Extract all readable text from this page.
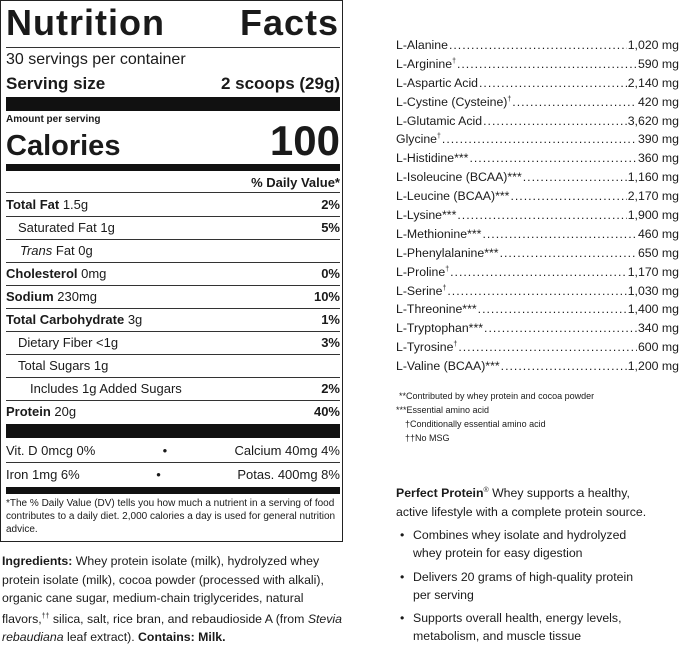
Nutrition Facts
30 servings per container
Serving size	2 scoops (29g)
Amount per serving
Calories	100
% Daily Value*
Total Fat 1.5g	2%
Saturated Fat 1g	5%
Trans Fat 0g
Cholesterol 0mg	0%
Sodium 230mg	10%
Total Carbohydrate 3g	1%
Dietary Fiber <1g	3%
Total Sugars 1g
Includes 1g Added Sugars	2%
Protein 20g	40%
Vit. D 0mcg 0%	•	Calcium 40mg 4%
Iron 1mg 6%	•	Potas. 400mg 8%
*The % Daily Value (DV) tells you how much a nutrient in a serving of food contributes to a daily diet. 2,000 calories a day is used for general nutrition advice.
Ingredients: Whey protein isolate (milk), hydrolyzed whey protein isolate (milk), cocoa powder (processed with alkali), organic cane sugar, medium-chain triglycerides, natural flavors,†† silica, salt, rice bran, and rebaudioside A (from Stevia rebaudiana leaf extract). Contains: Milk.
L-Alanine .....	1,020 mg
L-Arginine† .....	590 mg
L-Aspartic Acid .....	2,140 mg
L-Cystine (Cysteine)† .....	420 mg
L-Glutamic Acid .....	3,620 mg
Glycine† .....	390 mg
L-Histidine*** .....	360 mg
L-Isoleucine (BCAA)*** .....	1,160 mg
L-Leucine (BCAA)*** .....	2,170 mg
L-Lysine*** .....	1,900 mg
L-Methionine*** .....	460 mg
L-Phenylalanine*** .....	650 mg
L-Proline† .....	1,170 mg
L-Serine† .....	1,030 mg
L-Threonine*** .....	1,400 mg
L-Tryptophan*** .....	340 mg
L-Tyrosine† .....	600 mg
L-Valine (BCAA)*** .....	1,200 mg
**Contributed by whey protein and cocoa powder
***Essential amino acid
†Conditionally essential amino acid
††No MSG
Perfect Protein® Whey supports a healthy, active lifestyle with a complete protein source.
• Combines whey isolate and hydrolyzed whey protein for easy digestion
• Delivers 20 grams of high-quality protein per serving
• Supports overall health, energy levels, metabolism, and muscle tissue
